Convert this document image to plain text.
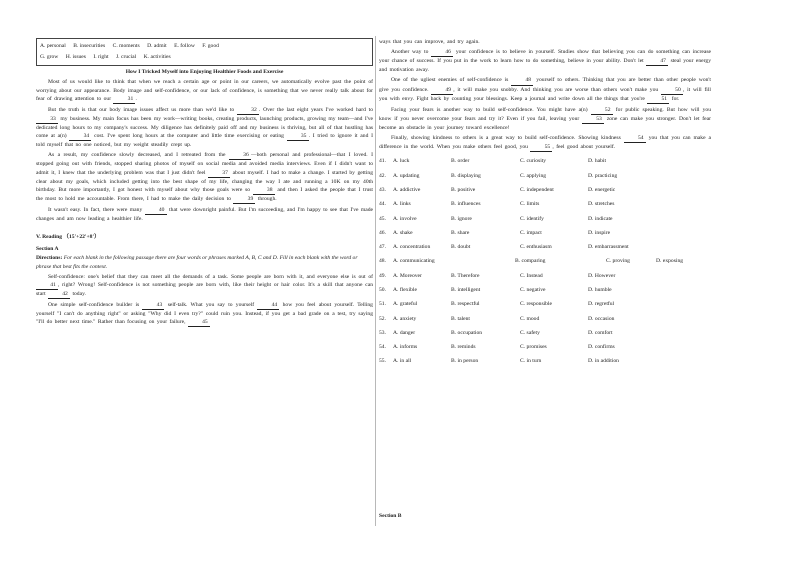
A. personal B. insecurities C. moments D. admit E. follow F. good
G. grow H. issues I. right J. crucial K. activities
How I Tricked Myself into Enjoying Healthier Foods and Exercise

Most of us would like to think that when we reach a certain age or point in our careers, we automatically evolve past the point of worrying about our appearance. Body image and self-confidence, or our lack of confidence, is something that we never really talk about for fear of drawing attention to our	31 .

But the truth is that our body image issues affect us more than we'd like to	32 . Over the last eight years I've worked hard to 33 my business. My main focus has been my work—writing books, creating products, launching products, growing my team—and I've dedicated long hours to my company's success. My diligence has definitely paid off and my business is thriving, but all of that hustling has come at a(n)	34 cost. I've spent long hours at the computer and little time exercising or eating	35 . I tried to ignore it and I told myself that no one noticed, but my weight steadily crept up.

As a result, my confidence slowly decreased, and I retreated from the	36 —both personal and professional—that I loved. I stopped going out with friends, stopped sharing photos of myself on social media and avoided media interviews. Even if I didn't want to admit it, I knew that the underlying problem was that I just didn't feel	37 about myself. I had to make a change. I started by getting clear about my goals, which included getting into the best shape of my life, changing the way I ate and running a 10K on my 40th birthday. But more importantly, I got honest with myself about why those goals were so	38 and then I asked the people that I trust the most to hold me accountable. From there, I had to make the daily decision to	39 through.

It wasn't easy. In fact, there were many	40 that were downright painful. But I'm succeeding, and I'm happy to see that I've made changes and am now leading a healthier life.

V. Reading （15'+22'+8'）
Section A

Directions: For each blank in the following passage there are four words or phrases marked A, B, C and D. Fill in each blank with the word or phrase that best fits the context.

Self-confidence: one's belief that they can meet all the demands of a task. Some people are born with it, and everyone else is out of 41 , right? Wrong! Self-confidence is not something people are born with, like their height or hair color. It's a skill that anyone can start	42 today.

One simple self-confidence builder is	43 self-talk. What you say to yourself	44 how you feel about yourself. Telling yourself "I can't do anything right" or asking "Why did I even try?" could ruin you. Instead, if you get a bad grade on a test, try saying "I'll do better next time." Rather than focusing on your failure,	45

ways that you can improve, and try again.

Another way to	46 your confidence is to believe in yourself. Studies show that believing you can do something can increase your chance of success. If you put in the work to learn how to do something, believe in your ability. Don't let	47 steal your energy and motivation away.

One of the ugliest enemies of self-confidence is	48 yourself to others. Thinking that you are better than other people won't give you confidence.	49 , it will make you snobby. And thinking you are worse than others won't make you	50 , it will fill you with envy. Fight back by counting your blessings. Keep a journal and write down all the things that you're	51 for.

Facing your fears is another way to build self-confidence. You might have a(n)	52 for public speaking. But how will you know if you never overcome your fears and try it? Even if you fail, leaving your	53 zone can make you stronger. Don't let fear become an obstacle in your journey toward excellence!

Finally, showing kindness to others is a great way to build self-confidence. Showing kindness	54 you that you can make a difference in the world. When you make others feel good, you	55 , feel good about yourself.

41. A. luck	B. order	C. curiosity	D. habit
42. A. updating	B. displaying	C. applying	D. practicing
43. A. addictive	B. positive	C. independent	D. energetic
44. A. links	B. influences	C. limits	D. stretches
45. A. involve	B. ignore	C. identify	D. indicate
46. A. shake	B. share	C. impact	D. inspire
47. A. concentration	B. doubt	C. enthusiasm	D. embarrassment
48. A. communicating	B. comparing	C. proving	D. exposing
49. A. Moreover	B. Therefore	C. Instead	D. However
50. A. flexible	B. intelligent	C. negative	D. humble
51. A. grateful	B. respectful	C. responsible	D. regretful
52. A. anxiety	B. talent	C. mood	D. occasion
53. A. danger	B. occupation	C. safety	D. comfort
54. A. informs	B. reminds	C. promises	D. confirms
55. A. in all	B. in person	C. in turn	D. in addition
Section B
